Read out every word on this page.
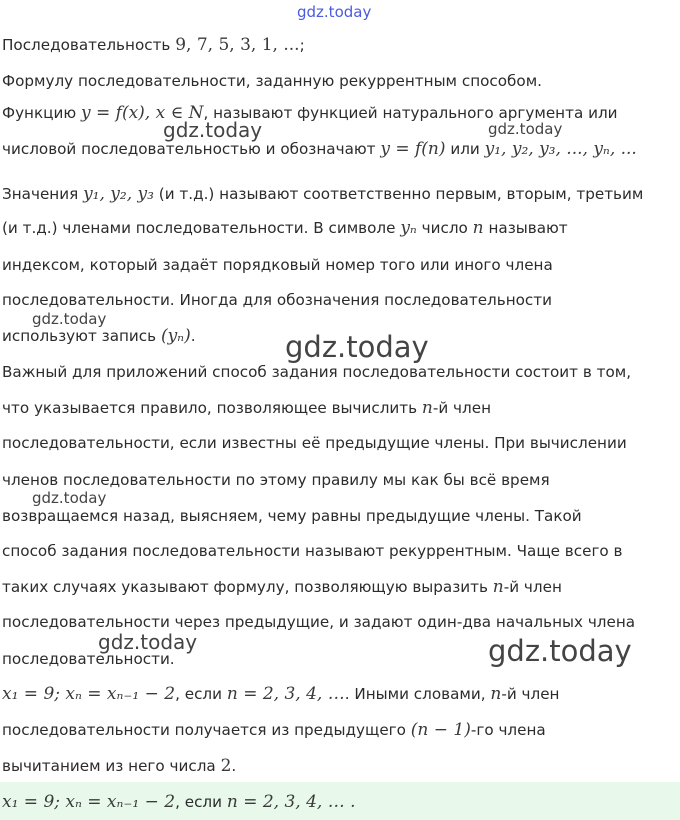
gdz.today
gdz.today	gdz.today
gdz.today
gdz.today
gdz.today
gdz.today	gdz.today
Последовательность 9, 7, 5, 3, 1, ...;
Формулу последовательности, заданную рекуррентным способом.
Функцию y = f(x), x ∈ N, называют функцией натурального аргумента или
числовой последовательностью и обозначают y = f(n) или y₁, y₂, y₃, ..., yₙ, ...
Значения y₁, y₂, y₃ (и т.д.) называют соответственно первым, вторым, третьим
(и т.д.) членами последовательности. В символе yₙ число n называют
индексом, который задаёт порядковый номер того или иного члена
последовательности. Иногда для обозначения последовательности
используют запись (yₙ).
Важный для приложений способ задания последовательности состоит в том,
что указывается правило, позволяющее вычислить n-й член
последовательности, если известны её предыдущие члены. При вычислении
членов последовательности по этому правилу мы как бы всё время
возвращаемся назад, выясняем, чему равны предыдущие члены. Такой
способ задания последовательности называют рекуррентным. Чаще всего в
таких случаях указывают формулу, позволяющую выразить n-й член
последовательности через предыдущие, и задают один-два начальных члена
последовательности.
x₁ = 9; xₙ = xₙ₋₁ − 2, если n = 2, 3, 4, …. Иными словами, n-й член
последовательности получается из предыдущего (n − 1)-го члена
вычитанием из него числа 2.
x₁ = 9; xₙ = xₙ₋₁ − 2, если n = 2, 3, 4, … .
